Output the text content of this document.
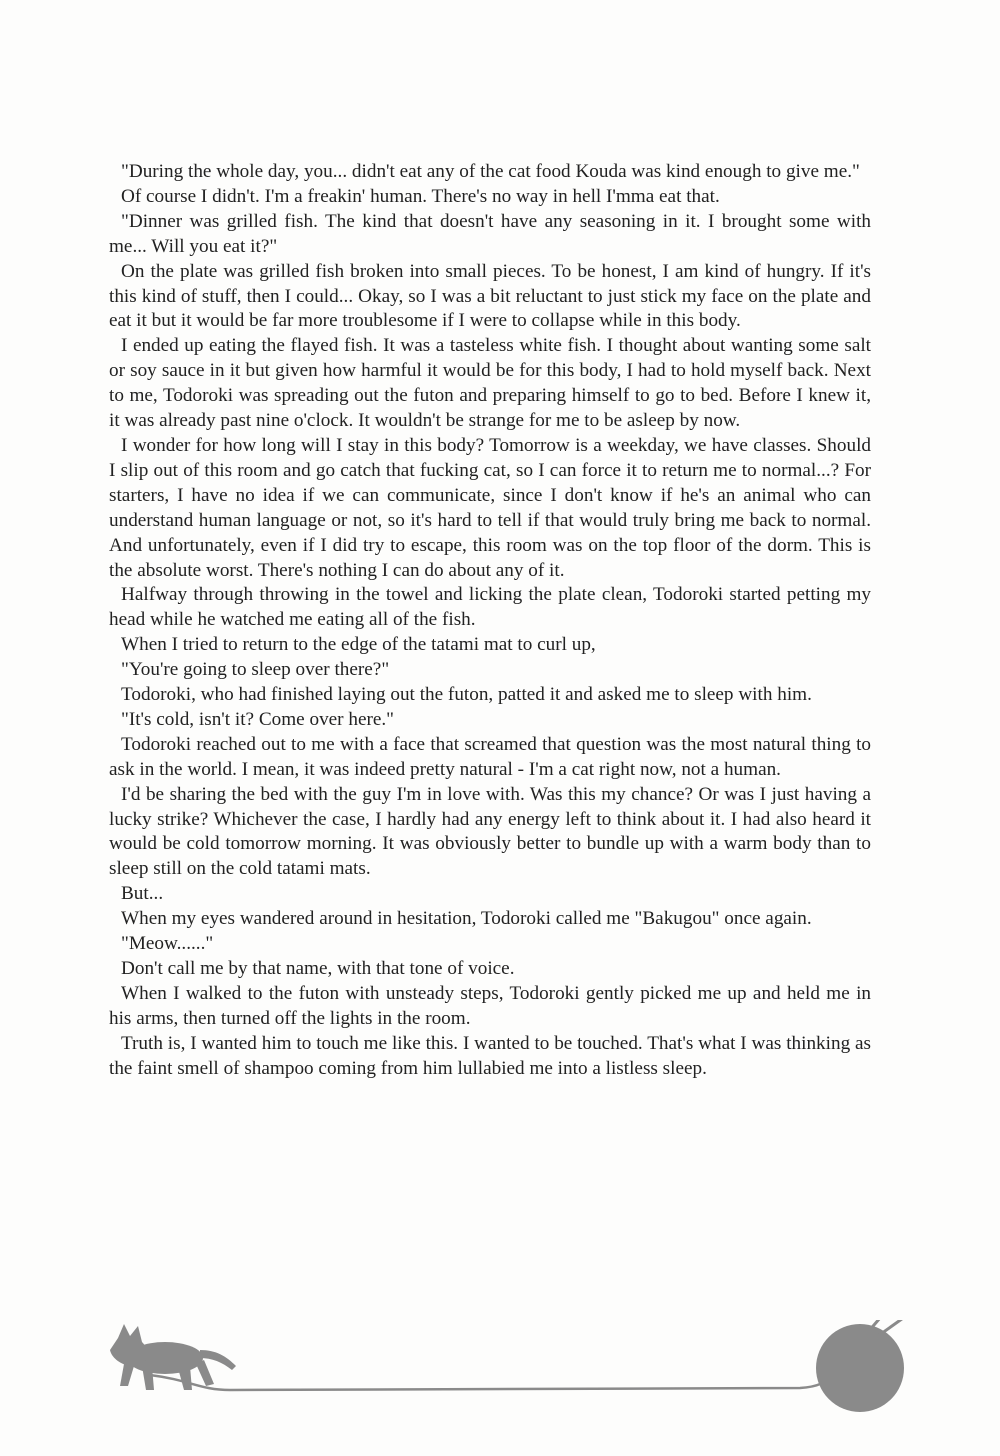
"During the whole day, you... didn't eat any of the cat food Kouda was kind enough to give me."

Of course I didn't. I'm a freakin' human. There's no way in hell I'mma eat that.

"Dinner was grilled fish. The kind that doesn't have any seasoning in it. I brought some with me... Will you eat it?"

On the plate was grilled fish broken into small pieces. To be honest, I am kind of hungry. If it's this kind of stuff, then I could... Okay, so I was a bit reluctant to just stick my face on the plate and eat it but it would be far more troublesome if I were to collapse while in this body.

I ended up eating the flayed fish. It was a tasteless white fish. I thought about wanting some salt or soy sauce in it but given how harmful it would be for this body, I had to hold myself back. Next to me, Todoroki was spreading out the futon and preparing himself to go to bed. Before I knew it, it was already past nine o'clock. It wouldn't be strange for me to be asleep by now.

I wonder for how long will I stay in this body? Tomorrow is a weekday, we have classes. Should I slip out of this room and go catch that fucking cat, so I can force it to return me to normal...? For starters, I have no idea if we can communicate, since I don't know if he's an animal who can understand human language or not, so it's hard to tell if that would truly bring me back to normal. And unfortunately, even if I did try to escape, this room was on the top floor of the dorm. This is the absolute worst. There's nothing I can do about any of it.

Halfway through throwing in the towel and licking the plate clean, Todoroki started petting my head while he watched me eating all of the fish.

When I tried to return to the edge of the tatami mat to curl up,

"You're going to sleep over there?"

Todoroki, who had finished laying out the futon, patted it and asked me to sleep with him.

"It's cold, isn't it? Come over here."

Todoroki reached out to me with a face that screamed that question was the most natural thing to ask in the world. I mean, it was indeed pretty natural - I'm a cat right now, not a human.

I'd be sharing the bed with the guy I'm in love with. Was this my chance? Or was I just having a lucky strike? Whichever the case, I hardly had any energy left to think about it. I had also heard it would be cold tomorrow morning. It was obviously better to bundle up with a warm body than to sleep still on the cold tatami mats.

But...

When my eyes wandered around in hesitation, Todoroki called me "Bakugou" once again.

"Meow......"

Don't call me by that name, with that tone of voice.

When I walked to the futon with unsteady steps, Todoroki gently picked me up and held me in his arms, then turned off the lights in the room.

Truth is, I wanted him to touch me like this. I wanted to be touched. That's what I was thinking as the faint smell of shampoo coming from him lullabied me into a listless sleep.
